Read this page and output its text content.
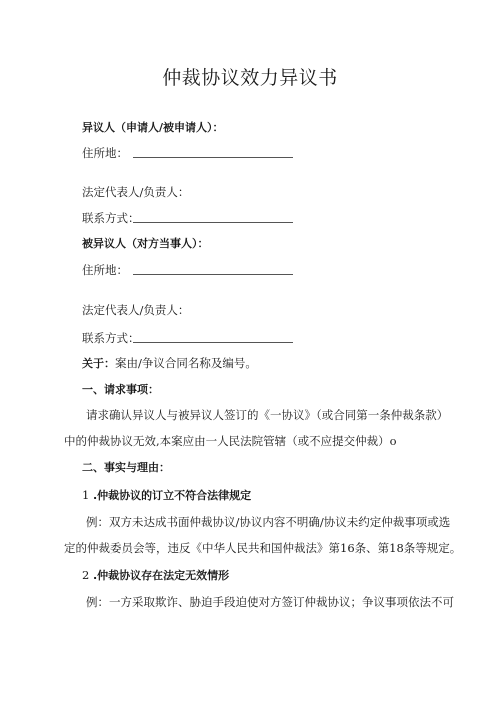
仲裁协议效力异议书
异议人（申请人/被申请人）：
住所地：
法定代表人/负责人：
联系方式：
被异议人（对方当事人）：
住所地：
法定代表人/负责人：
联系方式：
关于：案由/争议合同名称及编号。
一、请求事项：
请求确认异议人与被异议人签订的《一协议》（或合同第一条仲裁条款）
中的仲裁协议无效,本案应由一人民法院管辖（或不应提交仲裁）o
二、事实与理由：
1 .仲裁协议的订立不符合法律规定
例：双方未达成书面仲裁协议/协议内容不明确/协议未约定仲裁事项或选
定的仲裁委员会等，违反《中华人民共和国仲裁法》第16条、第18条等规定。
2 .仲裁协议存在法定无效情形
例：一方采取欺诈、胁迫手段迫使对方签订仲裁协议；争议事项依法不可
